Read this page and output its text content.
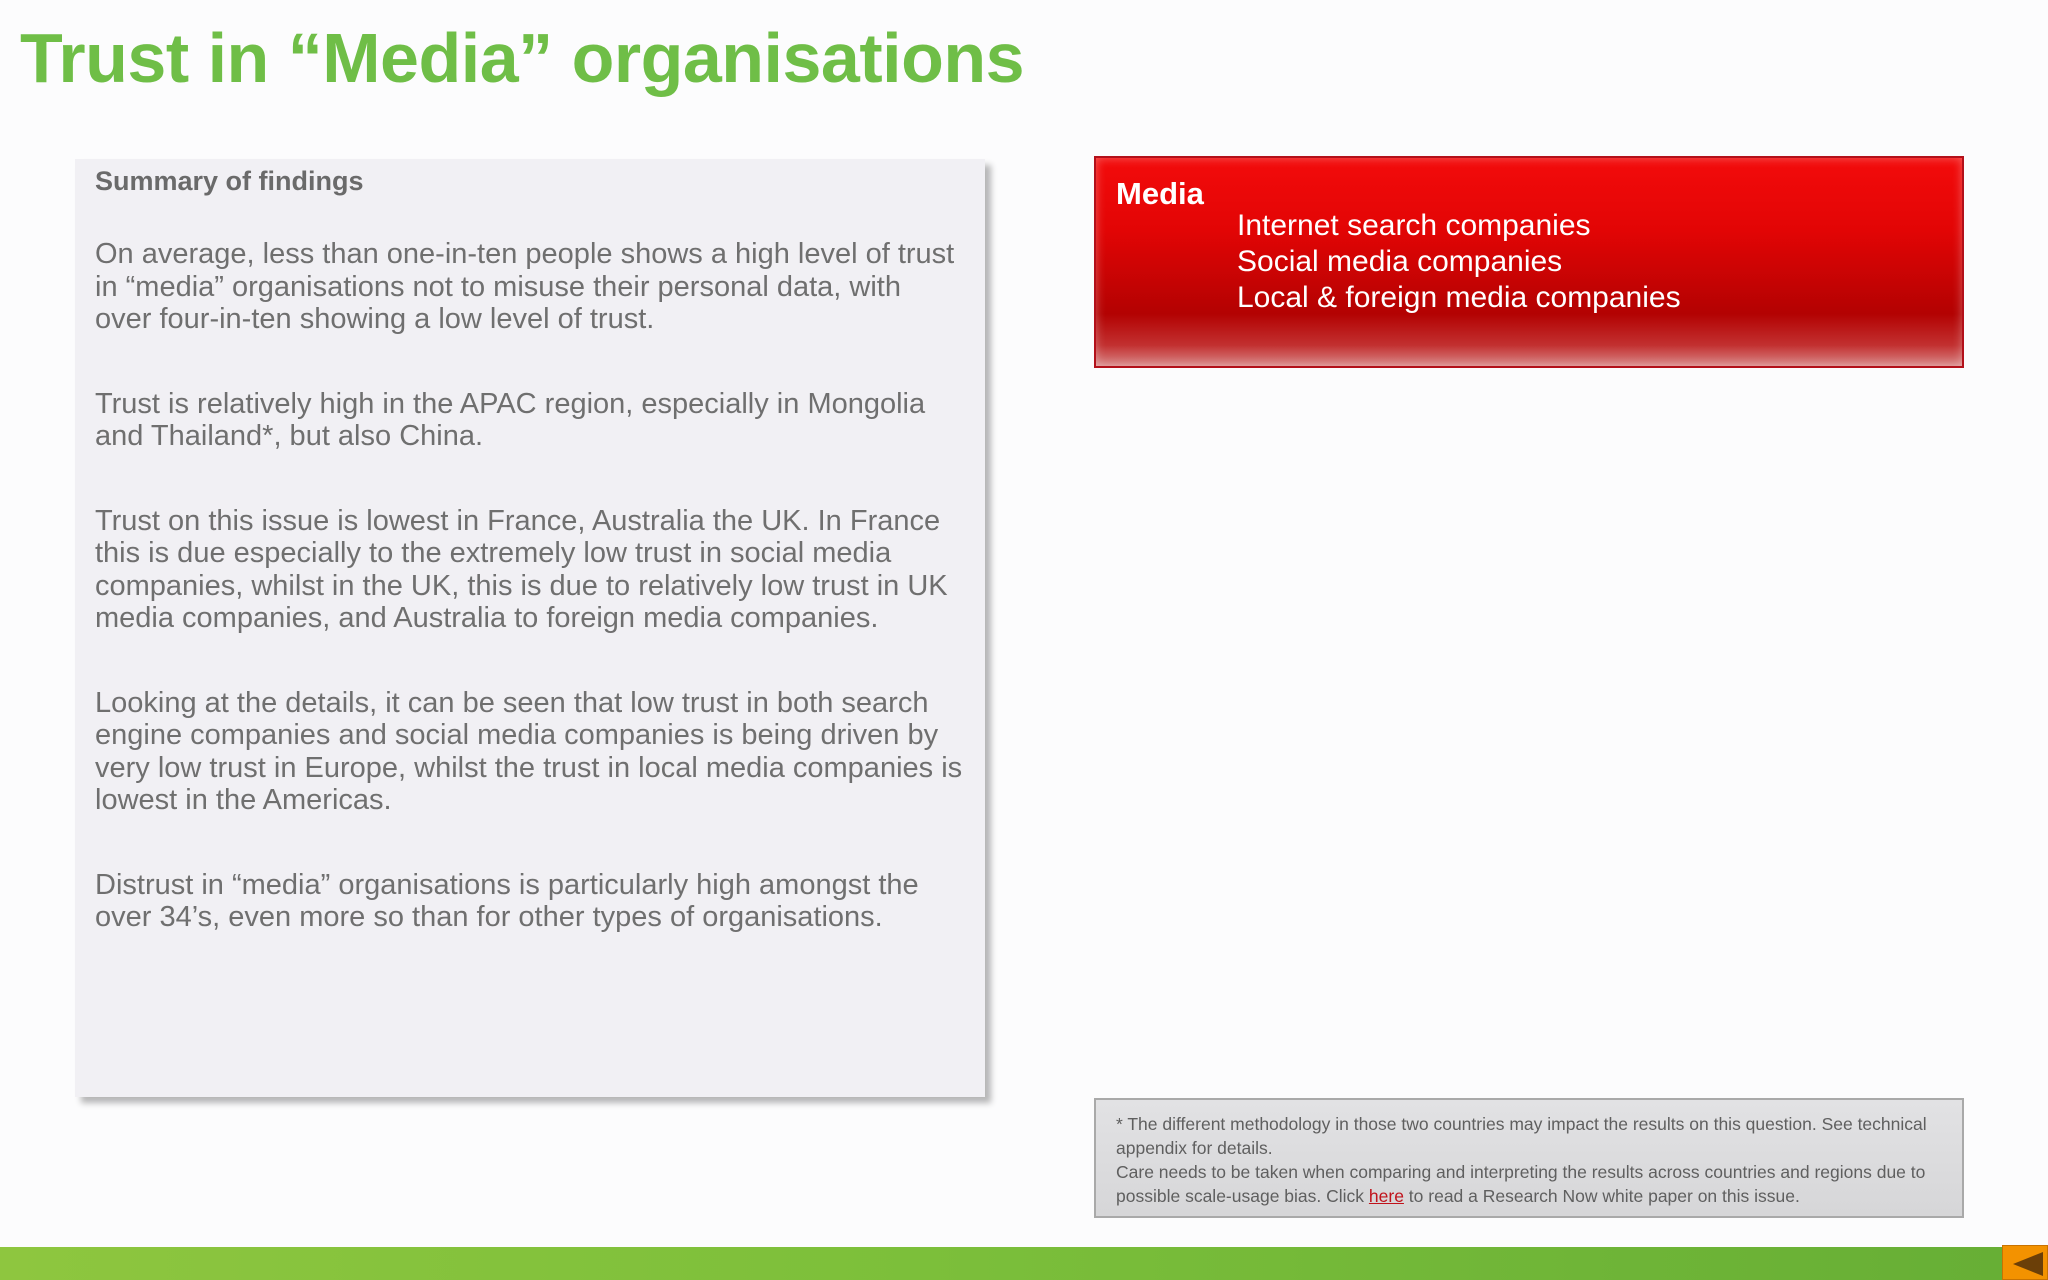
Trust in “Media” organisations

Summary of findings

On average, less than one-in-ten people shows a high level of trust in “media” organisations not to misuse their personal data, with over four-in-ten showing a low level of trust.

Trust is relatively high in the APAC region, especially in Mongolia and Thailand*, but also China.

Trust on this issue is lowest in France, Australia the UK. In France this is due especially to the extremely low trust in social media companies, whilst in the UK, this is due to relatively low trust in UK media companies, and Australia to foreign media companies.

Looking at the details, it can be seen that low trust in both search engine companies and social media companies is being driven by very low trust in Europe, whilst the trust in local media companies is lowest in the Americas.

Distrust in “media” organisations is particularly high amongst the over 34’s, even more so than for other types of organisations.

Media
Internet search companies
Social media companies
Local & foreign media companies

* The different methodology in those two countries may impact the results on this question. See technical appendix for details.

Care needs to be taken when comparing and interpreting the results across countries and regions due to possible scale-usage bias. Click here to read a Research Now white paper on this issue.
